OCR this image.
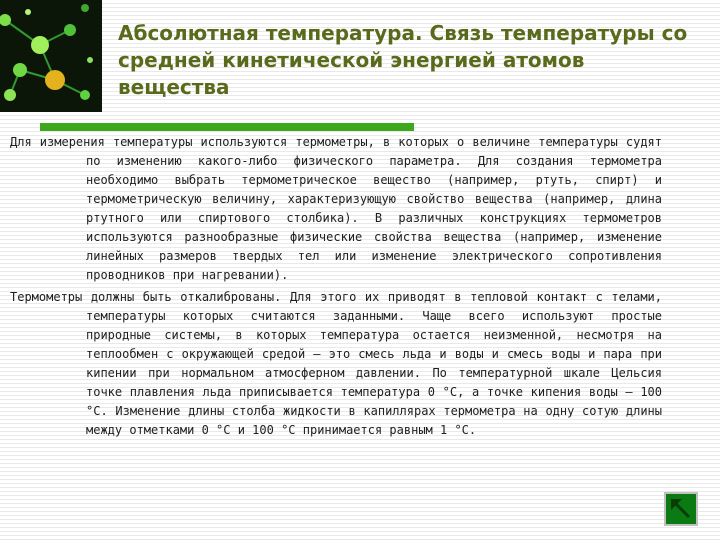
Абсолютная температура. Связь температуры со средней кинетической энергией атомов вещества

Для измерения температуры используются термометры, в которых о величине температуры судят по изменению какого-либо физического параметра. Для создания термометра необходимо выбрать термометрическое вещество (например, ртуть, спирт) и термометрическую величину, характеризующую свойство вещества (например, длина ртутного или спиртового столбика). В различных конструкциях термометров используются разнообразные физические свойства вещества (например, изменение линейных размеров твердых тел или изменение электрического сопротивления проводников при нагревании).

Термометры должны быть откалиброваны. Для этого их приводят в тепловой контакт с телами, температуры которых считаются заданными. Чаще всего используют простые природные системы, в которых температура остается неизменной, несмотря на теплообмен с окружающей средой – это смесь льда и воды и смесь воды и пара при кипении при нормальном атмосферном давлении. По температурной шкале Цельсия точке плавления льда приписывается температура 0 °С, а точке кипения воды – 100 °С. Изменение длины столба жидкости в капиллярах термометра на одну сотую длины между отметками 0 °С и 100 °С принимается равным 1 °С.
